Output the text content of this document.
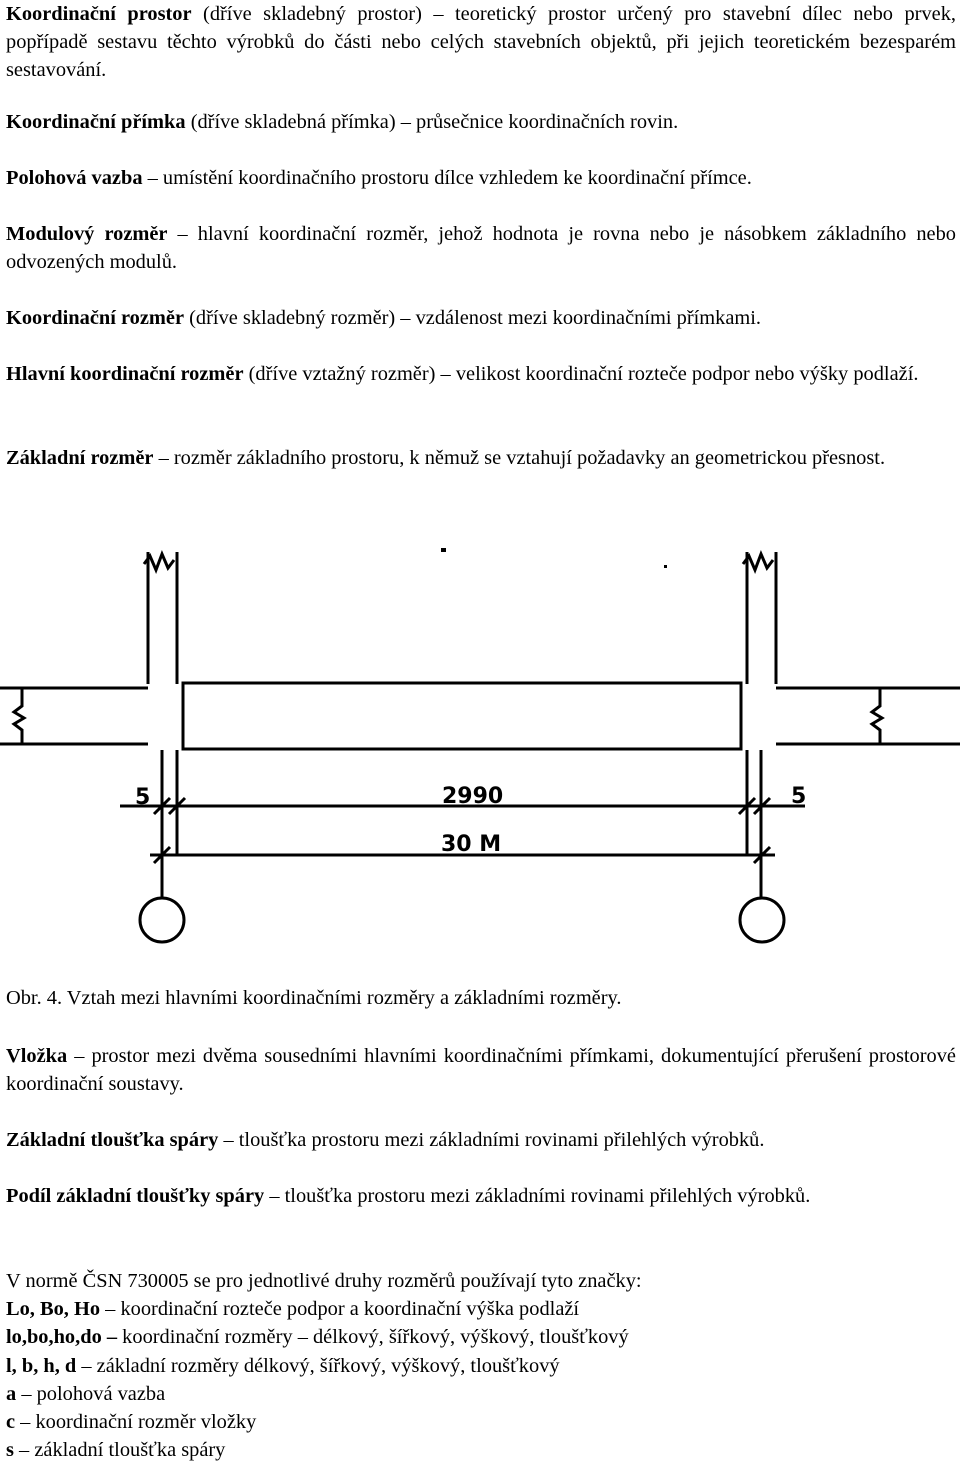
Koordinační prostor (dříve skladebný prostor) – teoretický prostor určený pro stavební dílec nebo prvek, popřípadě sestavu těchto výrobků do části nebo celých stavebních objektů, při jejich teoretickém bezesparém sestavování.

Koordinační přímka (dříve skladebná přímka) – průsečnice koordinačních rovin.

Polohová vazba – umístění koordinačního prostoru dílce vzhledem ke koordinační přímce.

Modulový rozměr – hlavní koordinační rozměr, jehož hodnota je rovna nebo je násobkem základního nebo odvozených modulů.

Koordinační rozměr (dříve skladebný rozměr) – vzdálenost mezi koordinačními přímkami.

Hlavní koordinační rozměr (dříve vztažný rozměr) – velikost koordinační rozteče podpor nebo výšky podlaží.

Základní rozměr – rozměr základního prostoru, k němuž se vztahují požadavky an geometrickou přesnost.

5	2990	5
30 M
Obr. 4. Vztah mezi hlavními koordinačními rozměry a základními rozměry.

Vložka – prostor mezi dvěma sousedními hlavními koordinačními přímkami, dokumentující přerušení prostorové koordinační soustavy.

Základní tloušťka spáry – tloušťka prostoru mezi základními rovinami přilehlých výrobků.

Podíl základní tloušťky spáry – tloušťka prostoru mezi základními rovinami přilehlých výrobků.

V normě ČSN 730005 se pro jednotlivé druhy rozměrů používají tyto značky:
Lo, Bo, Ho – koordinační rozteče podpor a koordinační výška podlaží
lo,bo,ho,do – koordinační rozměry – délkový, šířkový, výškový, tloušťkový
l, b, h, d – základní rozměry délkový, šířkový, výškový, tloušťkový
a – polohová vazba
c – koordinační rozměr vložky
s – základní tloušťka spáry
